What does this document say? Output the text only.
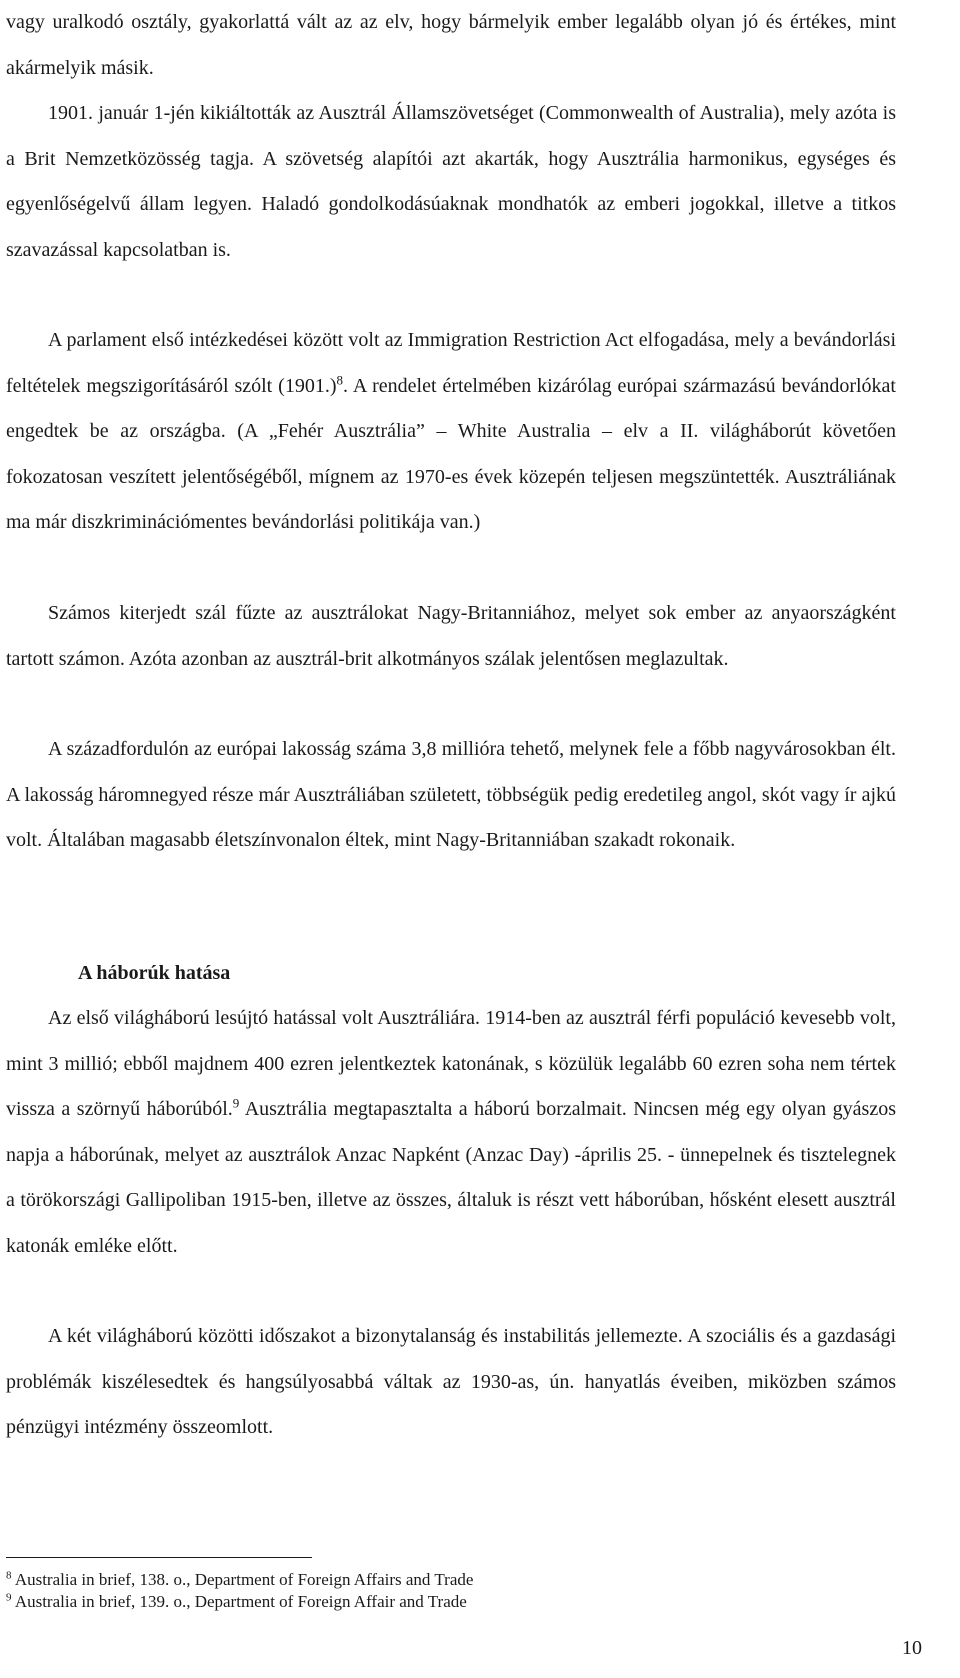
vagy uralkodó osztály, gyakorlattá vált az az elv, hogy bármelyik ember legalább olyan jó és értékes, mint akármelyik másik.

1901. január 1-jén kikiáltották az Ausztrál Államszövetséget (Commonwealth of Australia), mely azóta is a Brit Nemzetközösség tagja. A szövetség alapítói azt akarták, hogy Ausztrália harmonikus, egységes és egyenlőségelvű állam legyen. Haladó gondolkodásúaknak mondhatók az emberi jogokkal, illetve a titkos szavazással kapcsolatban is.

A parlament első intézkedései között volt az Immigration Restriction Act elfogadása, mely a bevándorlási feltételek megszigorításáról szólt $(1901.)^8$. A rendelet értelmében kizárólag európai származású bevándorlókat engedtek be az országba. (A „Fehér Ausztrália” – White Australia – elv a II. világháborút követően fokozatosan veszített jelentőségéből, mígnem az 1970-es évek közepén teljesen megszüntették. Ausztráliának ma már diszkriminációmentes bevándorlási politikája van.)

Számos kiterjedt szál fűzte az ausztrálokat Nagy-Britanniához, melyet sok ember az anyaországként tartott számon. Azóta azonban az ausztrál-brit alkotmányos szálak jelentősen meglazultak.

A századfordulón az európai lakosság száma 3,8 millióra tehető, melynek fele a főbb nagyvárosokban élt. A lakosság háromnegyed része már Ausztráliában született, többségük pedig eredetileg angol, skót vagy ír ajkú volt. Általában magasabb életszínvonalon éltek, mint Nagy-Britanniában szakadt rokonaik.

A háborúk hatása

Az első világháború lesújtó hatással volt Ausztráliára. 1914-ben az ausztrál férfi populáció kevesebb volt, mint 3 millió; ebből majdnem 400 ezren jelentkeztek katonának, s közülük legalább 60 ezren soha nem tértek vissza a szörnyű háborúból.$^9$ Ausztrália megtapasztalta a háború borzalmait. Nincsen még egy olyan gyászos napja a háborúnak, melyet az ausztrálok Anzac Napként (Anzac Day) -április 25. - ünnepelnek és tisztelegnek a törökországi Gallipoliban 1915-ben, illetve az összes, általuk is részt vett háborúban, hősként elesett ausztrál katonák emléke előtt.

A két világháború közötti időszakot a bizonytalanság és instabilitás jellemezte. A szociális és a gazdasági problémák kiszélesedtek és hangsúlyosabbá váltak az 1930-as, ún. hanyatlás éveiben, miközben számos pénzügyi intézmény összeomlott.

$^8$ Australia in brief, 138. o., Department of Foreign Affairs and Trade

$^9$ Australia in brief, 139. o., Department of Foreign Affair and Trade

10
